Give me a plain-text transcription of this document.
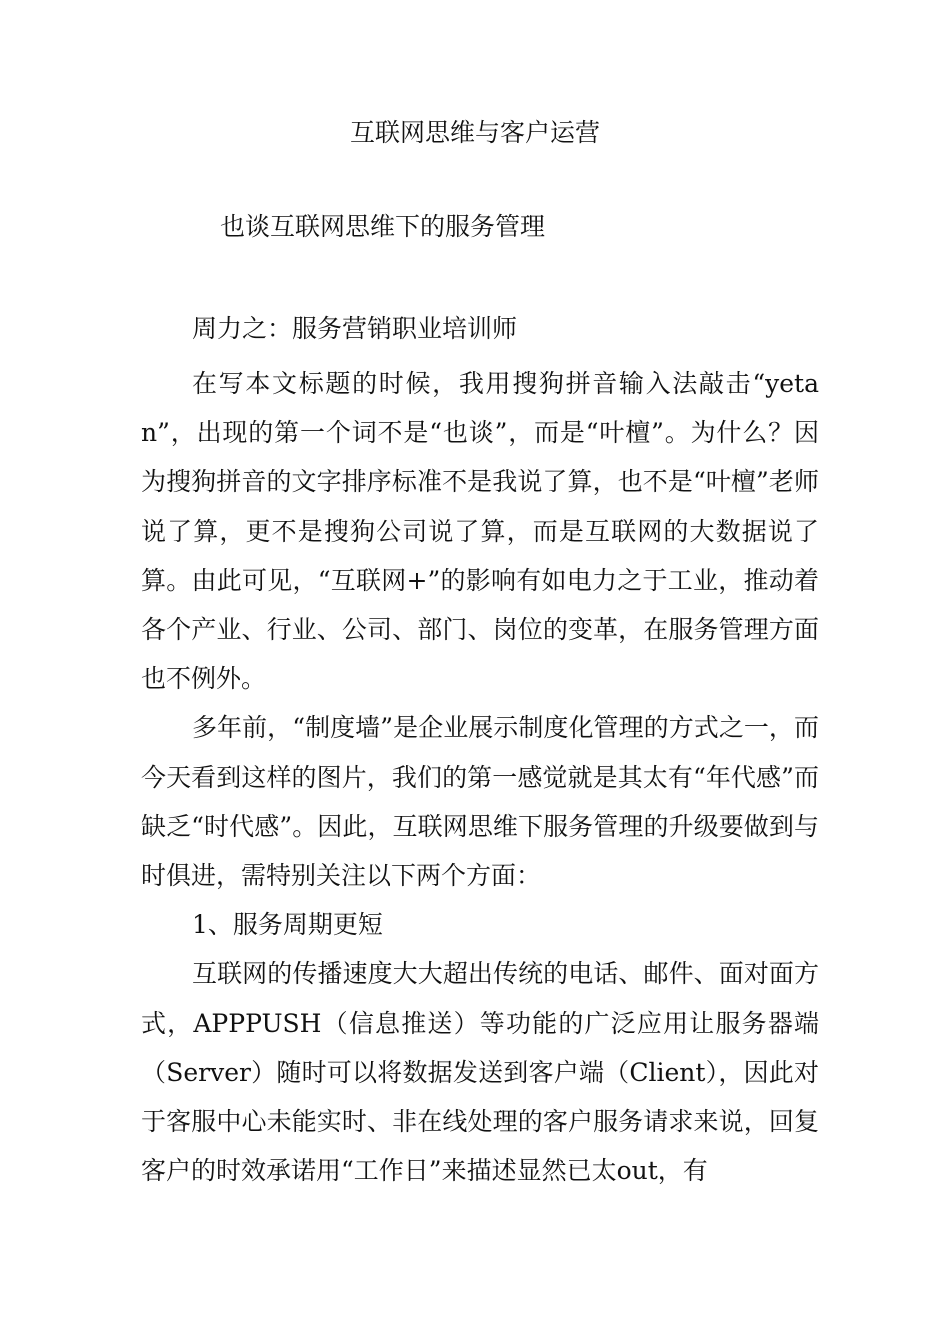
互联网思维与客户运营
也谈互联网思维下的服务管理

周力之：服务营销职业培训师

在写本文标题的时候，我用搜狗拼音输入法敲击“yetan”，出现的第一个词不是“也谈”，而是“叶檀”。为什么？因为搜狗拼音的文字排序标准不是我说了算，也不是“叶檀”老师说了算，更不是搜狗公司说了算，而是互联网的大数据说了算。由此可见，“互联网+”的影响有如电力之于工业，推动着各个产业、行业、公司、部门、岗位的变革，在服务管理方面也不例外。

多年前，“制度墙”是企业展示制度化管理的方式之一，而今天看到这样的图片，我们的第一感觉就是其太有“年代感”而缺乏“时代感”。因此，互联网思维下服务管理的升级要做到与时俱进，需特别关注以下两个方面：

1、服务周期更短

互联网的传播速度大大超出传统的电话、邮件、面对面方式，APPPUSH（信息推送）等功能的广泛应用让服务器端（Server）随时可以将数据发送到客户端（Client），因此对于客服中心未能实时、非在线处理的客户服务请求来说，回复客户的时效承诺用“工作日”来描述显然已太out，有
